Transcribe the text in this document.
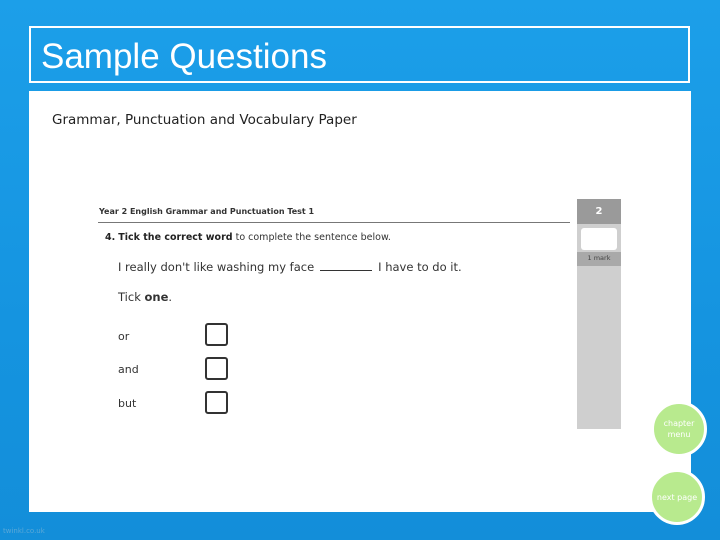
Sample Questions
Grammar, Punctuation and Vocabulary Paper
Year 2 English Grammar and Punctuation Test 1	2
1 mark
4. Tick the correct word to complete the sentence below.
I really don't like washing my face	I have to do it.
Tick one.
or
and
but
chapter menu
next page
twinkl.co.uk
